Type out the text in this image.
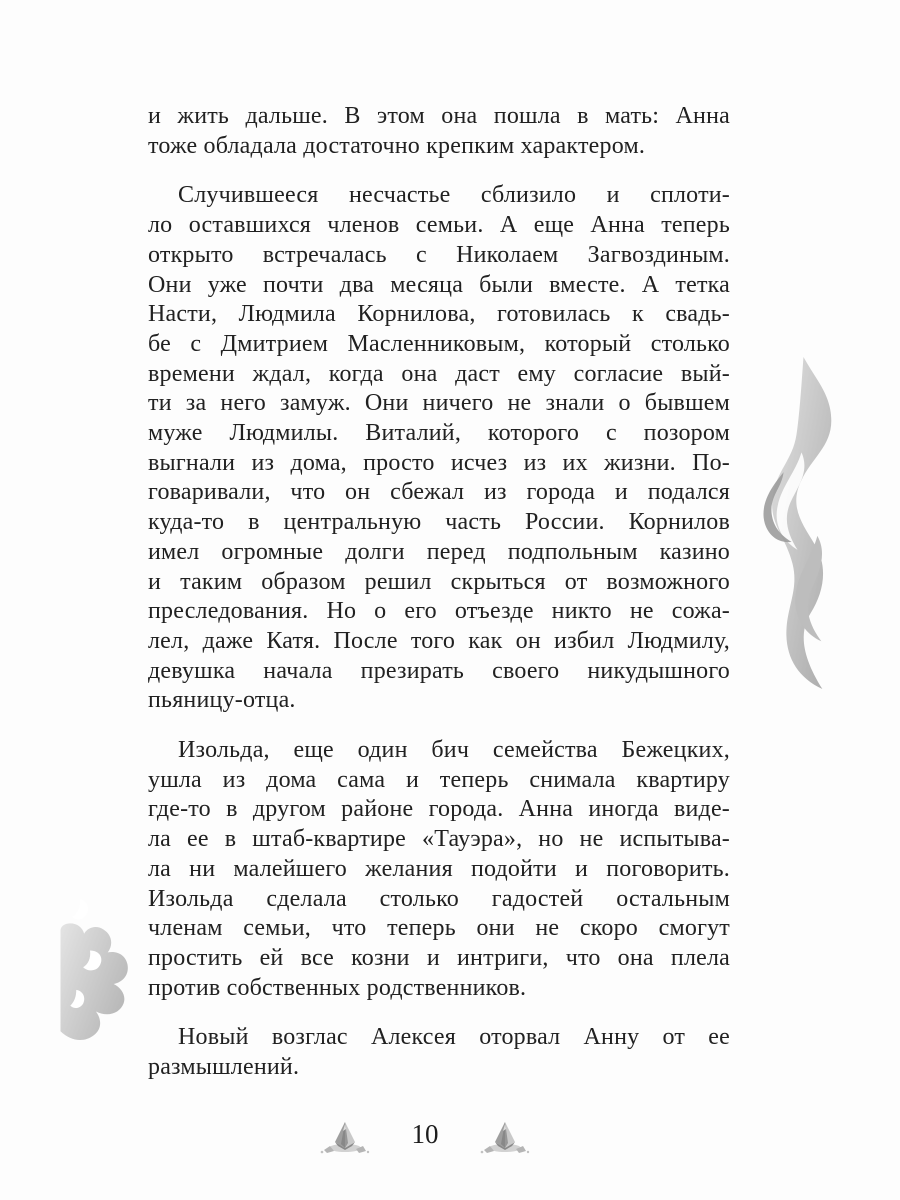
и жить дальше. В этом она пошла в мать: Анна
тоже обладала достаточно крепким характером.
Случившееся несчастье сблизило и сплоти-
ло оставшихся членов семьи. А еще Анна теперь
открыто встречалась с Николаем Загвоздиным.
Они уже почти два месяца были вместе. А тетка
Насти, Людмила Корнилова, готовилась к свадь-
бе с Дмитрием Масленниковым, который столько
времени ждал, когда она даст ему согласие вый-
ти за него замуж. Они ничего не знали о бывшем
муже Людмилы. Виталий, которого с позором
выгнали из дома, просто исчез из их жизни. По-
говаривали, что он сбежал из города и подался
куда-то в центральную часть России. Корнилов
имел огромные долги перед подпольным казино
и таким образом решил скрыться от возможного
преследования. Но о его отъезде никто не сожа-
лел, даже Катя. После того как он избил Людмилу,
девушка начала презирать своего никудышного
пьяницу-отца.
Изольда, еще один бич семейства Бежецких,
ушла из дома сама и теперь снимала квартиру
где-то в другом районе города. Анна иногда виде-
ла ее в штаб-квартире «Тауэра», но не испытыва-
ла ни малейшего желания подойти и поговорить.
Изольда сделала столько гадостей остальным
членам семьи, что теперь они не скоро смогут
простить ей все козни и интриги, что она плела
против собственных родственников.
Новый возглас Алексея оторвал Анну от ее
размышлений.
10
